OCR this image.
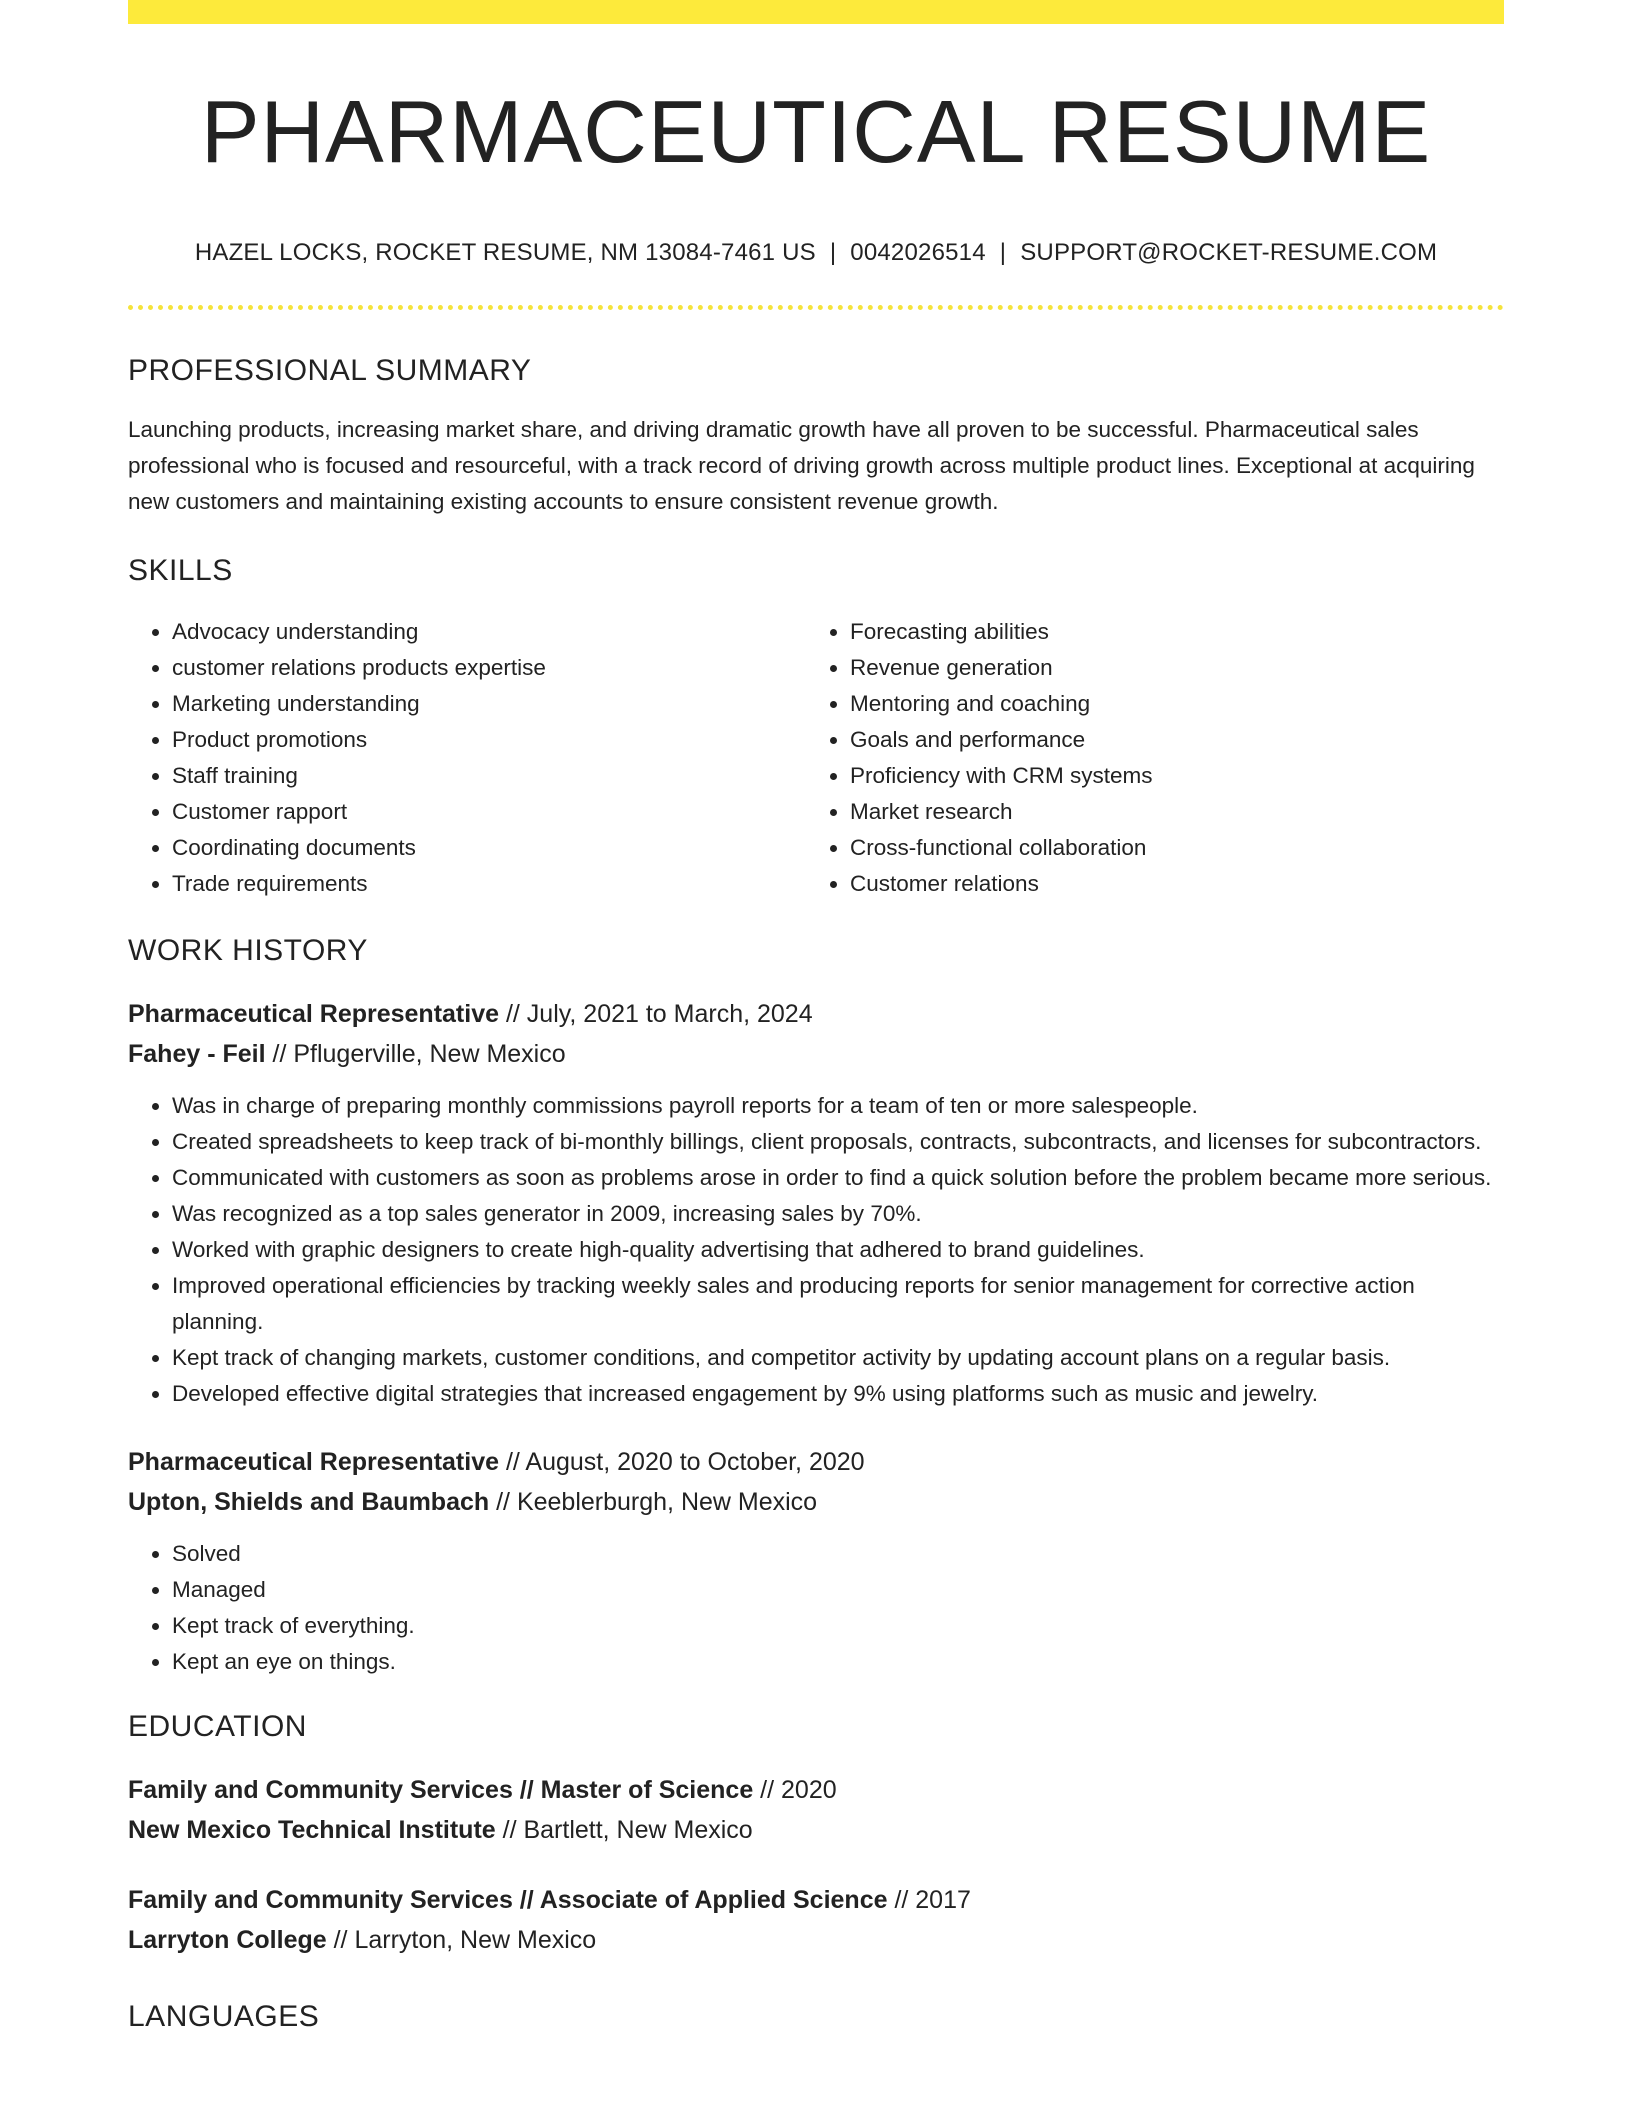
PHARMACEUTICAL RESUME
HAZEL LOCKS, ROCKET RESUME, NM 13084-7461 US | 0042026514 | SUPPORT@ROCKET-RESUME.COM
PROFESSIONAL SUMMARY

Launching products, increasing market share, and driving dramatic growth have all proven to be successful. Pharmaceutical sales professional who is focused and resourceful, with a track record of driving growth across multiple product lines. Exceptional at acquiring new customers and maintaining existing accounts to ensure consistent revenue growth.

SKILLS
• Advocacy understanding
• customer relations products expertise
• Marketing understanding
• Product promotions
• Staff training
• Customer rapport
• Coordinating documents
• Trade requirements
• Forecasting abilities
• Revenue generation
• Mentoring and coaching
• Goals and performance
• Proficiency with CRM systems
• Market research
• Cross-functional collaboration
• Customer relations
WORK HISTORY
Pharmaceutical Representative // July, 2021 to March, 2024
Fahey - Feil // Pflugerville, New Mexico
• Was in charge of preparing monthly commissions payroll reports for a team of ten or more salespeople.
• Created spreadsheets to keep track of bi-monthly billings, client proposals, contracts, subcontracts, and licenses for subcontractors.
• Communicated with customers as soon as problems arose in order to find a quick solution before the problem became more serious.
• Was recognized as a top sales generator in 2009, increasing sales by 70%.
• Worked with graphic designers to create high-quality advertising that adhered to brand guidelines.
• Improved operational efficiencies by tracking weekly sales and producing reports for senior management for corrective action planning.
• Kept track of changing markets, customer conditions, and competitor activity by updating account plans on a regular basis.
• Developed effective digital strategies that increased engagement by 9% using platforms such as music and jewelry.
Pharmaceutical Representative // August, 2020 to October, 2020
Upton, Shields and Baumbach // Keeblerburgh, New Mexico
• Solved
• Managed
• Kept track of everything.
• Kept an eye on things.
EDUCATION
Family and Community Services // Master of Science // 2020
New Mexico Technical Institute // Bartlett, New Mexico
Family and Community Services // Associate of Applied Science // 2017
Larryton College // Larryton, New Mexico
LANGUAGES
